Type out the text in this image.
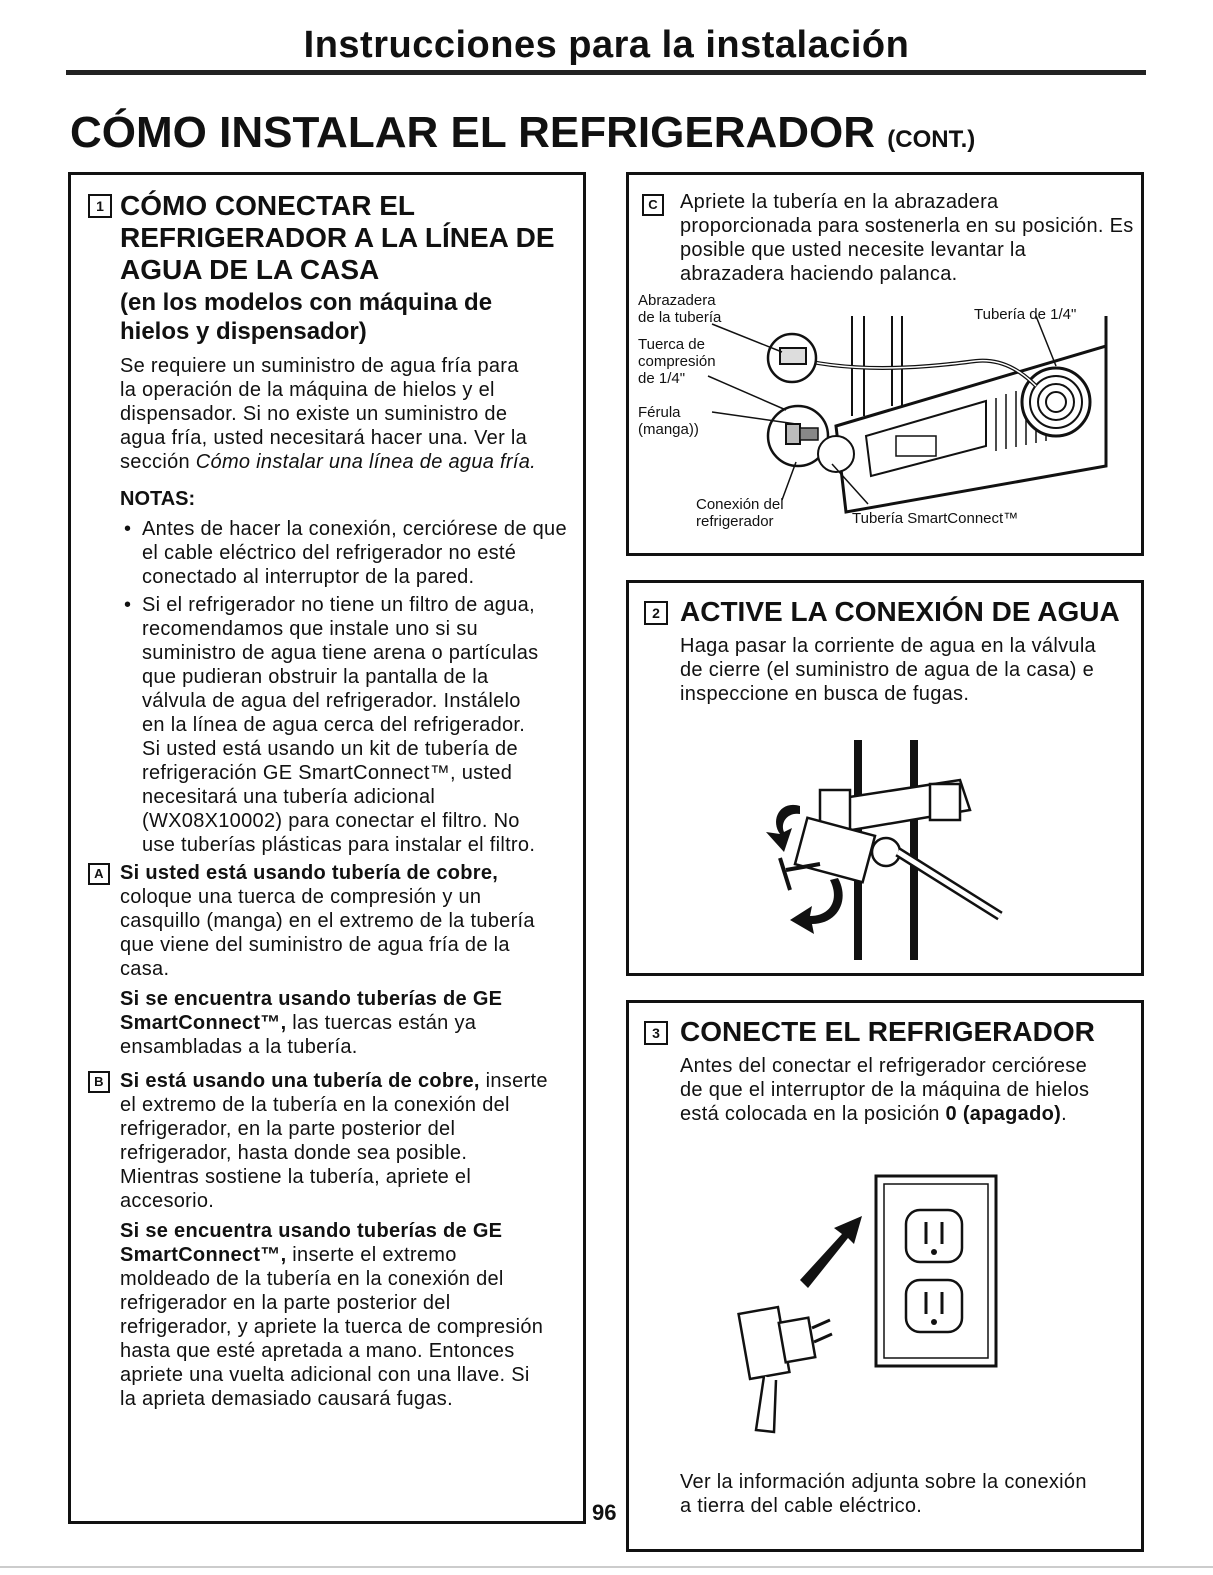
Instrucciones para la instalación
CÓMO INSTALAR EL REFRIGERADOR (CONT.)
1 CÓMO CONECTAR EL
REFRIGERADOR A LA LÍNEA DE
AGUA DE LA CASA
(en los modelos con máquina de
hielos y dispensador)
Se requiere un suministro de agua fría para la operación de la máquina de hielos y el dispensador. Si no existe un suministro de agua fría, usted necesitará hacer una. Ver la sección Cómo instalar una línea de agua fría.
NOTAS:
• Antes de hacer la conexión, cerciórese de que el cable eléctrico del refrigerador no esté conectado al interruptor de la pared.
• Si el refrigerador no tiene un filtro de agua, recomendamos que instale uno si su suministro de agua tiene arena o partículas que pudieran obstruir la pantalla de la válvula de agua del refrigerador. Instálelo en la línea de agua cerca del refrigerador. Si usted está usando un kit de tubería de refrigeración GE SmartConnect™, usted necesitará una tubería adicional (WX08X10002) para conectar el filtro. No use tuberías plásticas para instalar el filtro.
A Si usted está usando tubería de cobre, coloque una tuerca de compresión y un casquillo (manga) en el extremo de la tubería que viene del suministro de agua fría de la casa.
Si se encuentra usando tuberías de GE SmartConnect™, las tuercas están ya ensambladas a la tubería.
B Si está usando una tubería de cobre, inserte el extremo de la tubería en la conexión del refrigerador, en la parte posterior del refrigerador, hasta donde sea posible. Mientras sostiene la tubería, apriete el accesorio.
Si se encuentra usando tuberías de GE SmartConnect™, inserte el extremo moldeado de la tubería en la conexión del refrigerador en la parte posterior del refrigerador, y apriete la tuerca de compresión hasta que esté apretada a mano. Entonces apriete una vuelta adicional con una llave. Si la aprieta demasiado causará fugas.
C	Apriete la tubería en la abrazadera proporcionada para sostenerla en su posición. Es posible que usted necesite levantar la abrazadera haciendo palanca.
Abrazadera
de la tubería
Tuerca de
compresión
de 1/4"
Férula
(manga))
Tubería de 1/4"
Conexión del
refrigerador	Tubería SmartConnect™
2 ACTIVE LA CONEXIÓN DE AGUA
Haga pasar la corriente de agua en la válvula de cierre (el suministro de agua de la casa) e inspeccione en busca de fugas.
3 CONECTE EL REFRIGERADOR
Antes del conectar el refrigerador cerciórese de que el interruptor de la máquina de hielos está colocada en la posición 0 (apagado).
Ver la información adjunta sobre la conexión a tierra del cable eléctrico.
96
